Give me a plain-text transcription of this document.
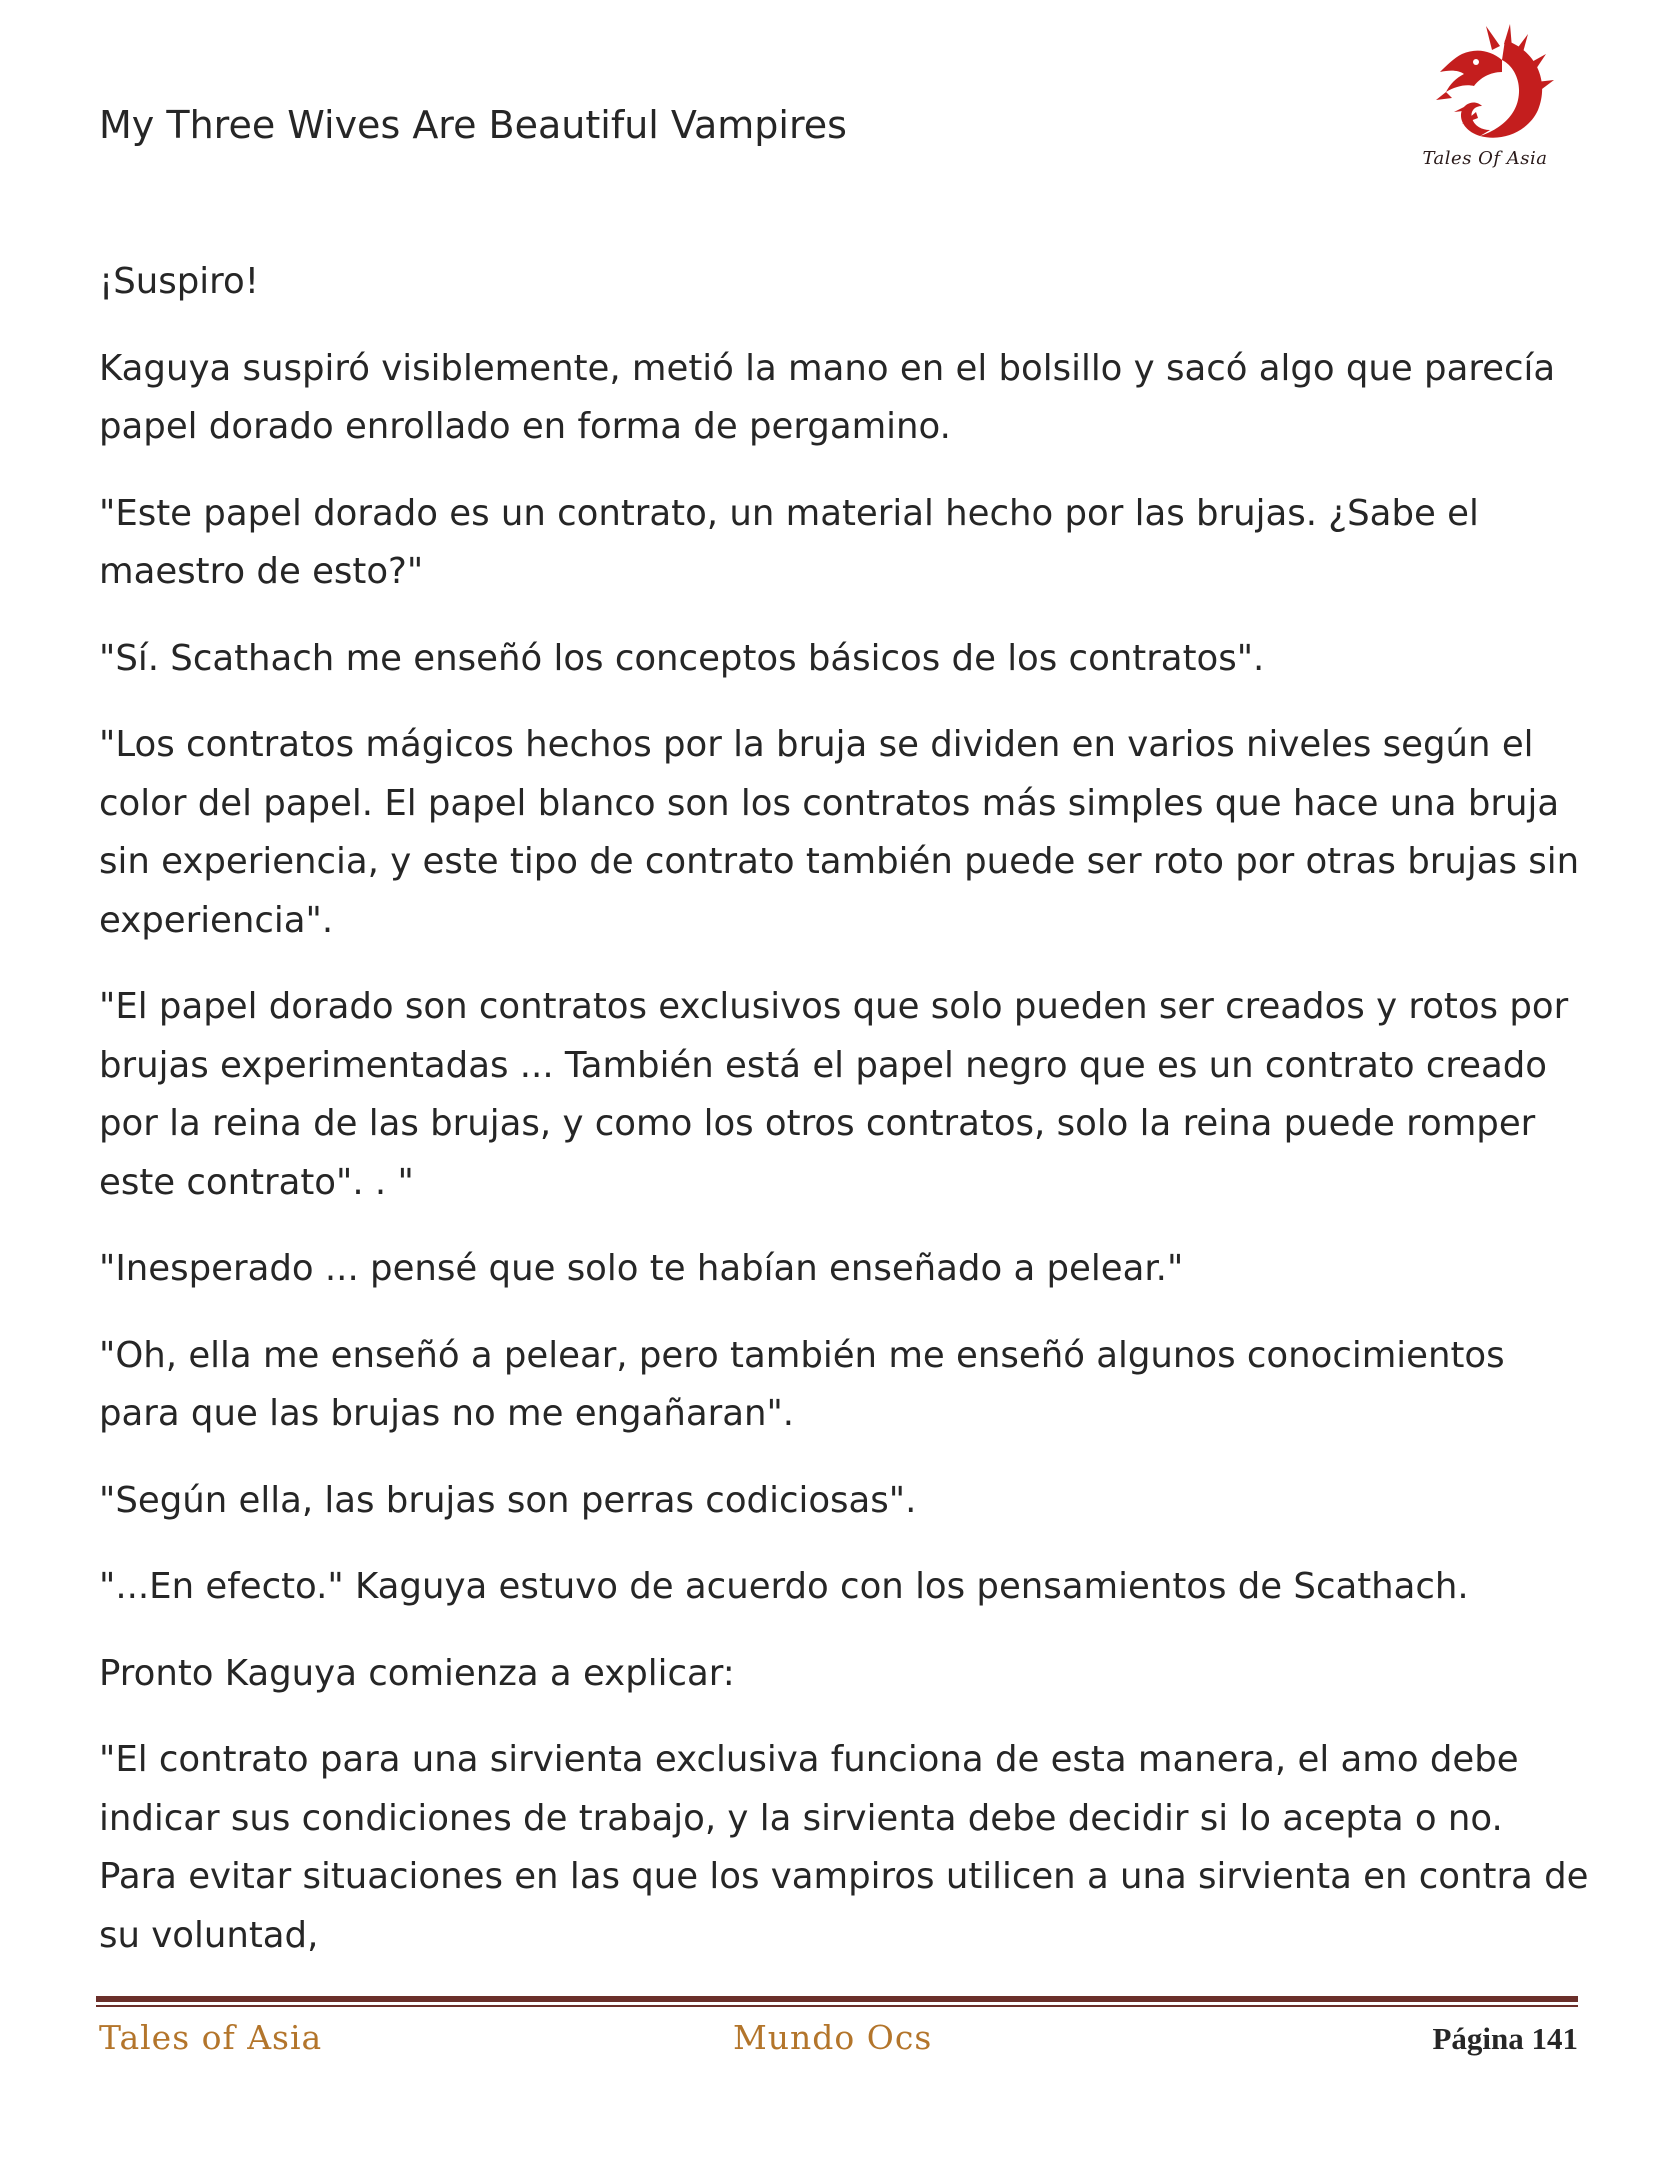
My Three Wives Are Beautiful Vampires
Tales Of Asia

¡Suspiro!

Kaguya suspiró visiblemente, metió la mano en el bolsillo y sacó algo que parecía papel dorado enrollado en forma de pergamino.

"Este papel dorado es un contrato, un material hecho por las brujas. ¿Sabe el maestro de esto?"

"Sí. Scathach me enseñó los conceptos básicos de los contratos".

"Los contratos mágicos hechos por la bruja se dividen en varios niveles según el color del papel. El papel blanco son los contratos más simples que hace una bruja sin experiencia, y este tipo de contrato también puede ser roto por otras brujas sin experiencia".

"El papel dorado son contratos exclusivos que solo pueden ser creados y rotos por brujas experimentadas ... También está el papel negro que es un contrato creado por la reina de las brujas, y como los otros contratos, solo la reina puede romper este contrato". . "

"Inesperado ... pensé que solo te habían enseñado a pelear."

"Oh, ella me enseñó a pelear, pero también me enseñó algunos conocimientos para que las brujas no me engañaran".

"Según ella, las brujas son perras codiciosas".

"...En efecto." Kaguya estuvo de acuerdo con los pensamientos de Scathach.

Pronto Kaguya comienza a explicar:

"El contrato para una sirvienta exclusiva funciona de esta manera, el amo debe indicar sus condiciones de trabajo, y la sirvienta debe decidir si lo acepta o no. Para evitar situaciones en las que los vampiros utilicen a una sirvienta en contra de su voluntad,

Tales of Asia	Mundo Ocs	Página 141
